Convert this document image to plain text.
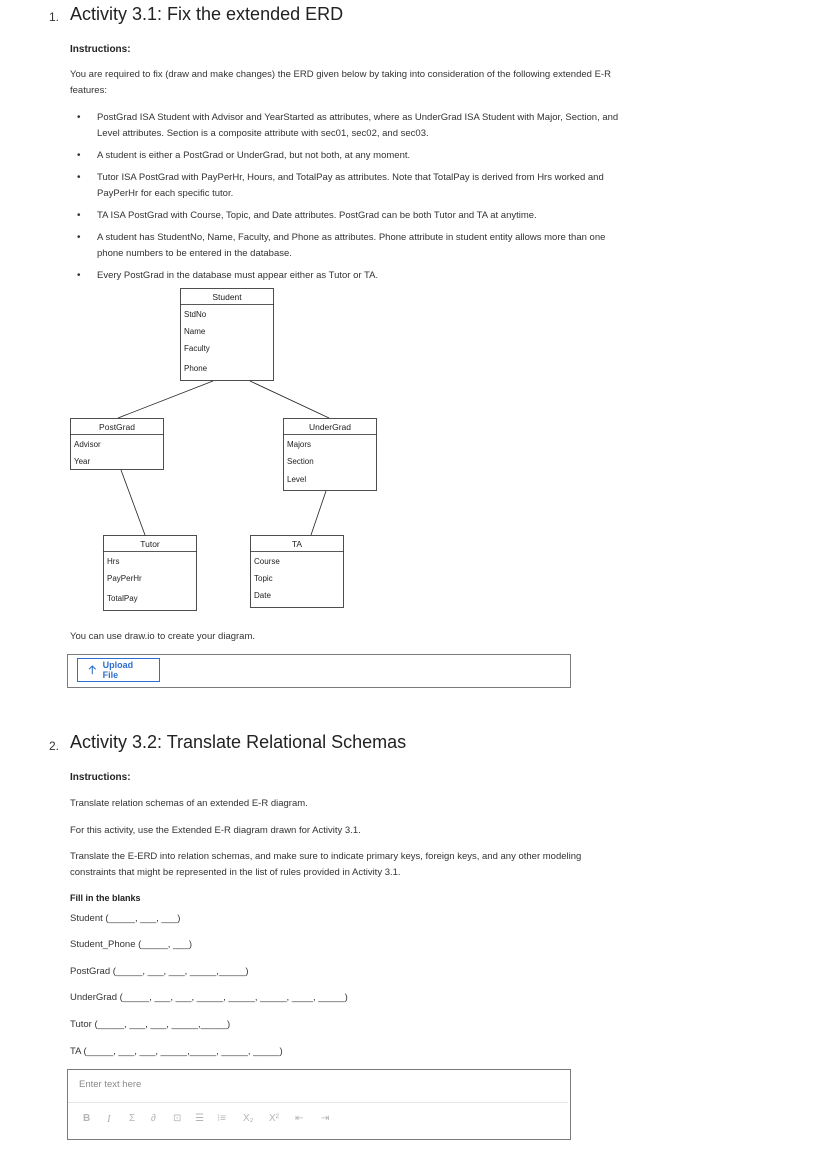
1. Activity 3.1: Fix the extended ERD
Instructions:
You are required to fix (draw and make changes) the ERD given below by taking into consideration of the following extended E-R
features:
• PostGrad ISA Student with Advisor and YearStarted as attributes, where as UnderGrad ISA Student with Major, Section, and
Level attributes. Section is a composite attribute with sec01, sec02, and sec03.
• A student is either a PostGrad or UnderGrad, but not both, at any moment.
• Tutor ISA PostGrad with PayPerHr, Hours, and TotalPay as attributes. Note that TotalPay is derived from Hrs worked and
PayPerHr for each specific tutor.
• TA ISA PostGrad with Course, Topic, and Date attributes. PostGrad can be both Tutor and TA at anytime.
• A student has StudentNo, Name, Faculty, and Phone as attributes. Phone attribute in student entity allows more than one
phone numbers to be entered in the database.
• Every PostGrad in the database must appear either as Tutor or TA.
Student
StdNo
Name
Faculty
Phone
PostGrad
Advisor
Year
UnderGrad
Majors
Section
Level
Tutor
Hrs
PayPerHr
TotalPay
TA
Course
Topic
Date
You can use draw.io to create your diagram.
Upload File
2. Activity 3.2: Translate Relational Schemas
Instructions:
Translate relation schemas of an extended E-R diagram.
For this activity, use the Extended E-R diagram drawn for Activity 3.1.
Translate the E-ERD into relation schemas, and make sure to indicate primary keys, foreign keys, and any other modeling
constraints that might be represented in the list of rules provided in Activity 3.1.
Fill in the blanks
Student (_____, ___, ___)
Student_Phone (_____, ___)
PostGrad (_____, ___, ___, _____,_____)
UnderGrad (_____, ___, ___, _____, _____, _____, ____, _____)
Tutor (_____, ___, ___, _____,_____)
TA (_____, ___, ___, _____,_____, _____, _____)
Enter text here
B	I	Σ	∂	⊡	☰	⁝≡	X₂	X²	⇤	⇥
